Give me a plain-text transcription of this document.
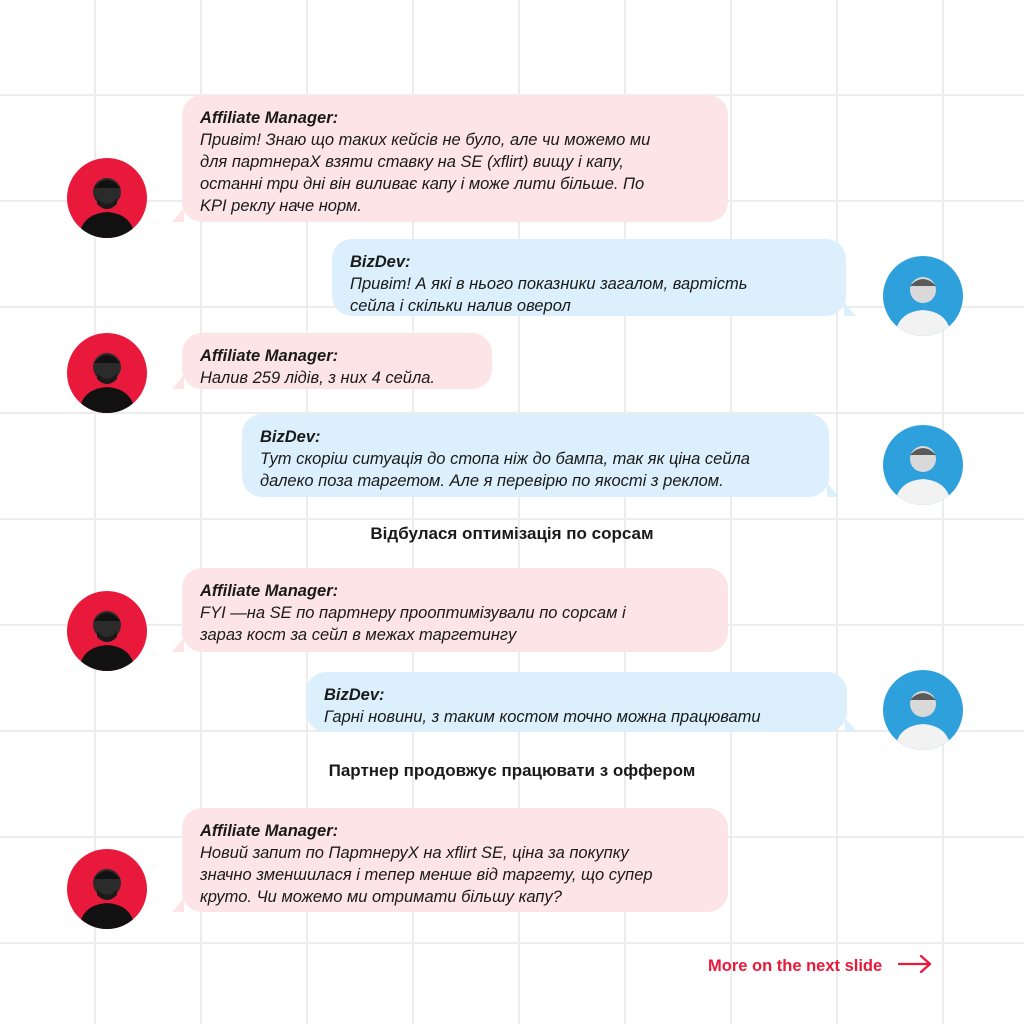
Affiliate Manager:
Привіт! Знаю що таких кейсів не було, але чи можемо ми
для партнераX взяти ставку на SE (xflirt) вищу і капу,
останні три дні він виливає капу і може лити більше. По
KPI реклу наче норм.
BizDev:
Привіт! А які в нього показники загалом, вартість
сейла і скільки налив оверол
Affiliate Manager:
Налив 259 лідів, з них 4 сейла.
BizDev:
Тут скоріш ситуація до стопа ніж до бампа, так як ціна сейла
далеко поза таргетом. Але я перевірю по якості з реклом.
Відбулася оптимізація по сорсам
Affiliate Manager:
FYI —на SE по партнеру прооптимізували по сорсам і
зараз кост за сейл в межах таргетингу
BizDev:
Гарні новини, з таким костом точно можна працювати
Партнер продовжує працювати з оффером
Affiliate Manager:
Новий запит по ПартнеруX на xflirt SE, ціна за покупку
значно зменшилася і тепер менше від таргету, що супер
круто. Чи можемо ми отримати більшу капу?
More on the next slide
